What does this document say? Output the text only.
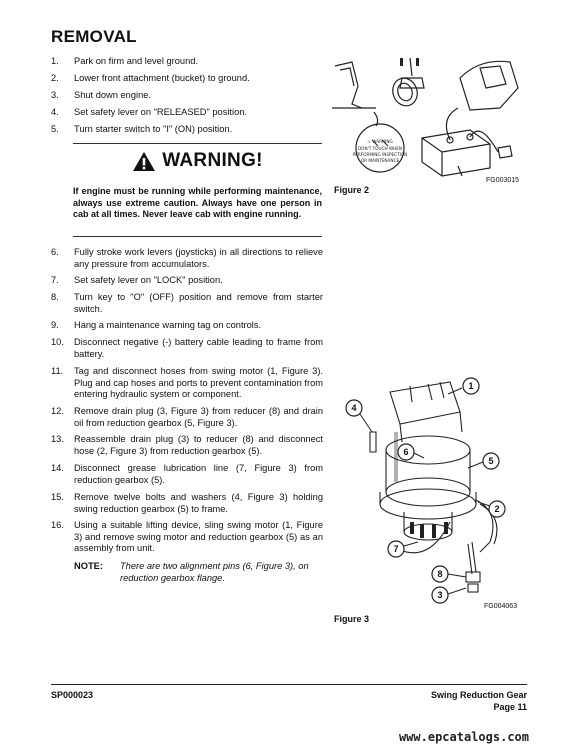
REMOVAL
1.	Park on firm and level ground.
2.	Lower front attachment (bucket) to ground.
3.	Shut down engine.
4.	Set safety lever on "RELEASED" position.
5.	Turn starter switch to "I" (ON) position.
WARNING!
If engine must be running while performing maintenance, always use extreme caution. Always have one person in cab at all times. Never leave cab with engine running.
6.	Fully stroke work levers (joysticks) in all directions to relieve any pressure from accumulators.
7.	Set safety lever on "LOCK" position.
8.	Turn key to "O" (OFF) position and remove from starter switch.
9.	Hang a maintenance warning tag on controls.
10.	Disconnect negative (-) battery cable leading to frame from battery.
11.	Tag and disconnect hoses from swing motor (1, Figure 3). Plug and cap hoses and ports to prevent contamination from entering hydraulic system or component.
12.	Remove drain plug (3, Figure 3) from reducer (8) and drain oil from reduction gearbox (5, Figure 3).
13.	Reassemble drain plug (3) to reducer (8) and disconnect hose (2, Figure 3) from reduction gearbox (5).
14.	Disconnect grease lubrication line (7, Figure 3) from reduction gearbox (5).
15.	Remove twelve bolts and washers (4, Figure 3) holding swing reduction gearbox (5) to frame.
16.	Using a suitable lifting device, sling swing motor (1, Figure 3) and remove swing motor and reduction gearbox (5) as an assembly from unit.
NOTE: There are two alignment pins (6, Figure 3), on reduction gearbox flange.
⚠ WARNING
DON'T TOUCH WHEN
PERFORMING INSPECTION
OR MAINTENANCE
FG003015
Figure 2
1
4
5
2
6
7
8
3
FG004063
Figure 3
SP000023	Swing Reduction Gear
Page 11
www.epcatalogs.com
